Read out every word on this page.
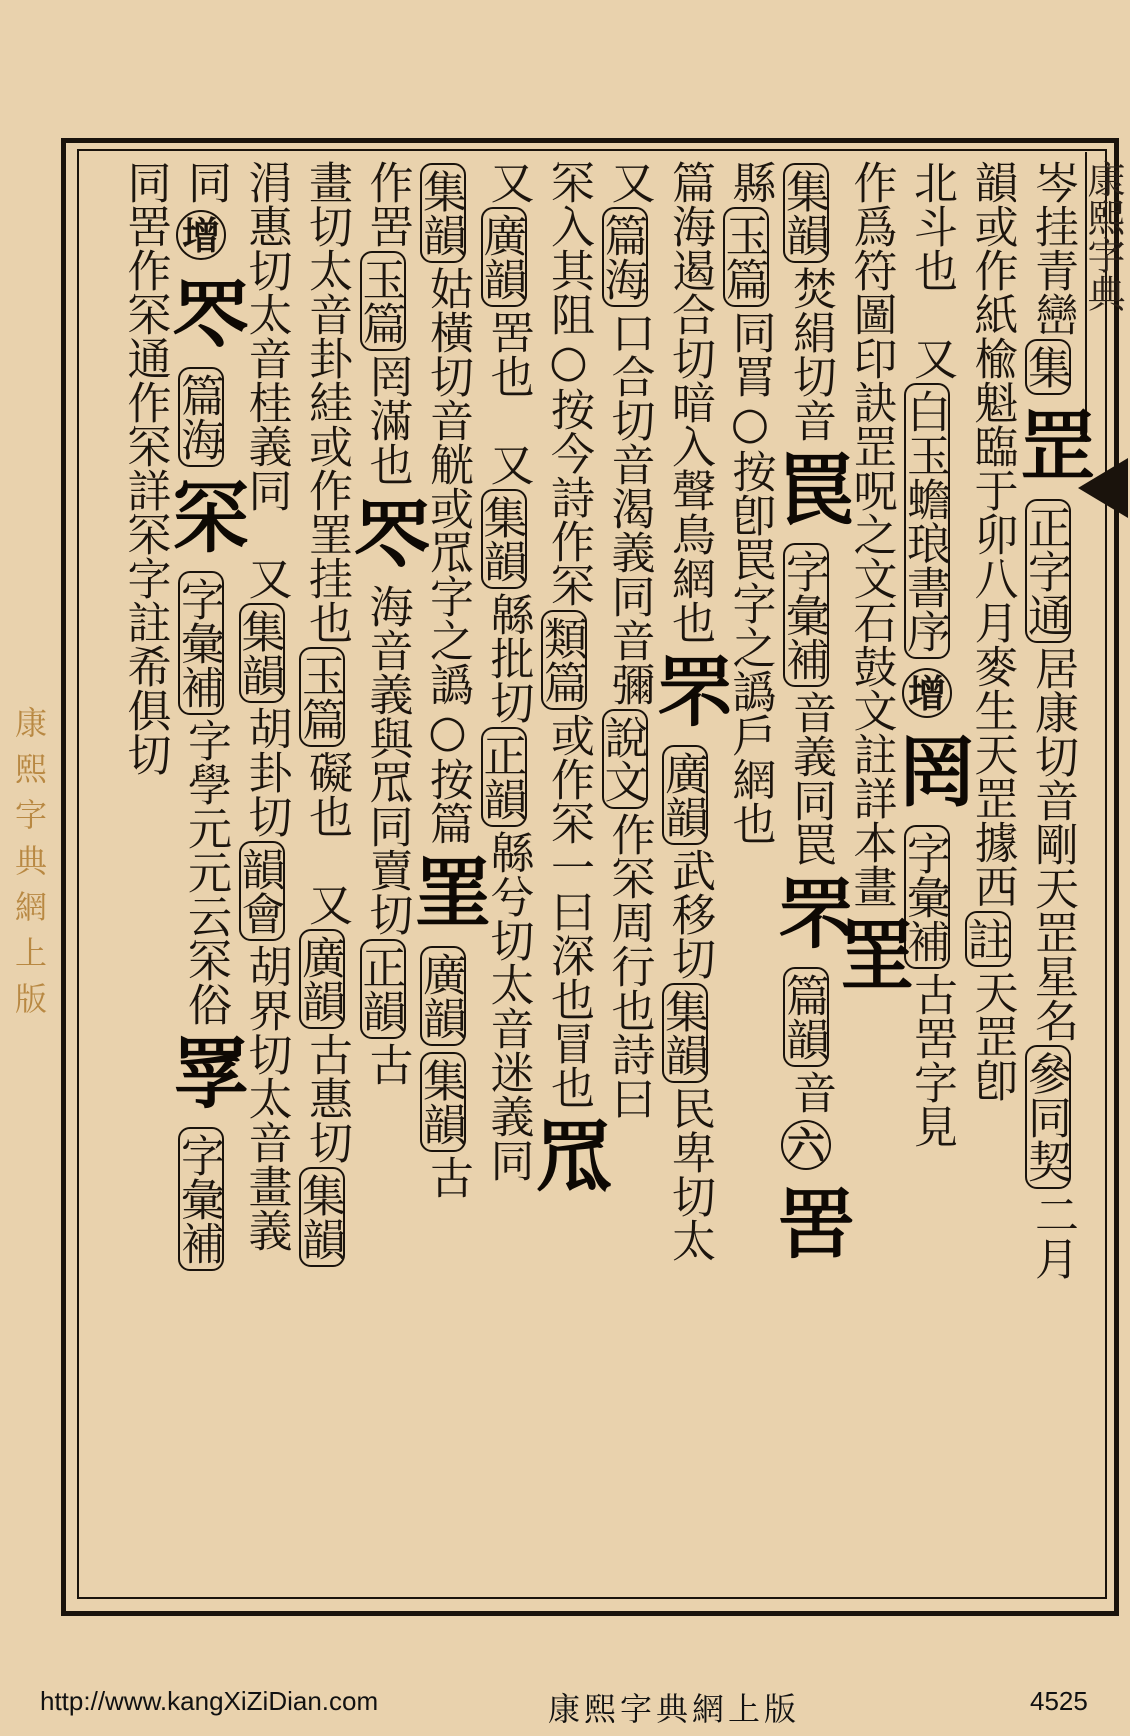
康熙字典
岑挂青巒
集
罡
正字通
居康切音剛天罡星名
參同契
二月
韻或作紙
楡魁臨于卯八月麥生天罡據西
註
天罡卽
北斗也　又
白玉蟾琅書序
增
罔
字彙補
古罟字見
作爲符圖印訣罡呪之文
石鼓文註詳本畫
罜
集韻
焚絹切音
罠
字彙補
音義同罠
罘
篇韻
音
六
罟
縣
玉篇
同罥
○按卽罠字之譌
戶網也
篇海遏合切暗入聲鳥網也
罘
廣韻
武移切
集韻
民卑切太
又
篇海
口合切音渴義同
音彌
說文
作罙周行也詩曰
罙入其阻○按今詩作罙
類篇
或作罙一曰深也冒也
罛
又
廣韻
罟也　又
集韻
緜批切
正韻
緜兮切太音迷義同
集韻
姑橫切音觥或
罛字之譌○按篇
罣
廣韻
集韻
古
作罟
玉篇
罔滿也
罖
海音義與罛同
賣切
正韻
古
畫切太音卦絓或作罣挂也
玉篇
礙也　又
廣韻
古惠切
集韻
涓惠切太音桂義同　又
集韻
胡卦切
韻會
胡界切太音畫義
同
增
罖
篇海
罙
字彙補
字學元元云罙俗
罦
字彙補
同罟
作罙通作罙詳罙字註
希俱切
康
熙
字
典
網
上
版
http://www.kangXiZiDian.com	康熙字典網上版	4525
